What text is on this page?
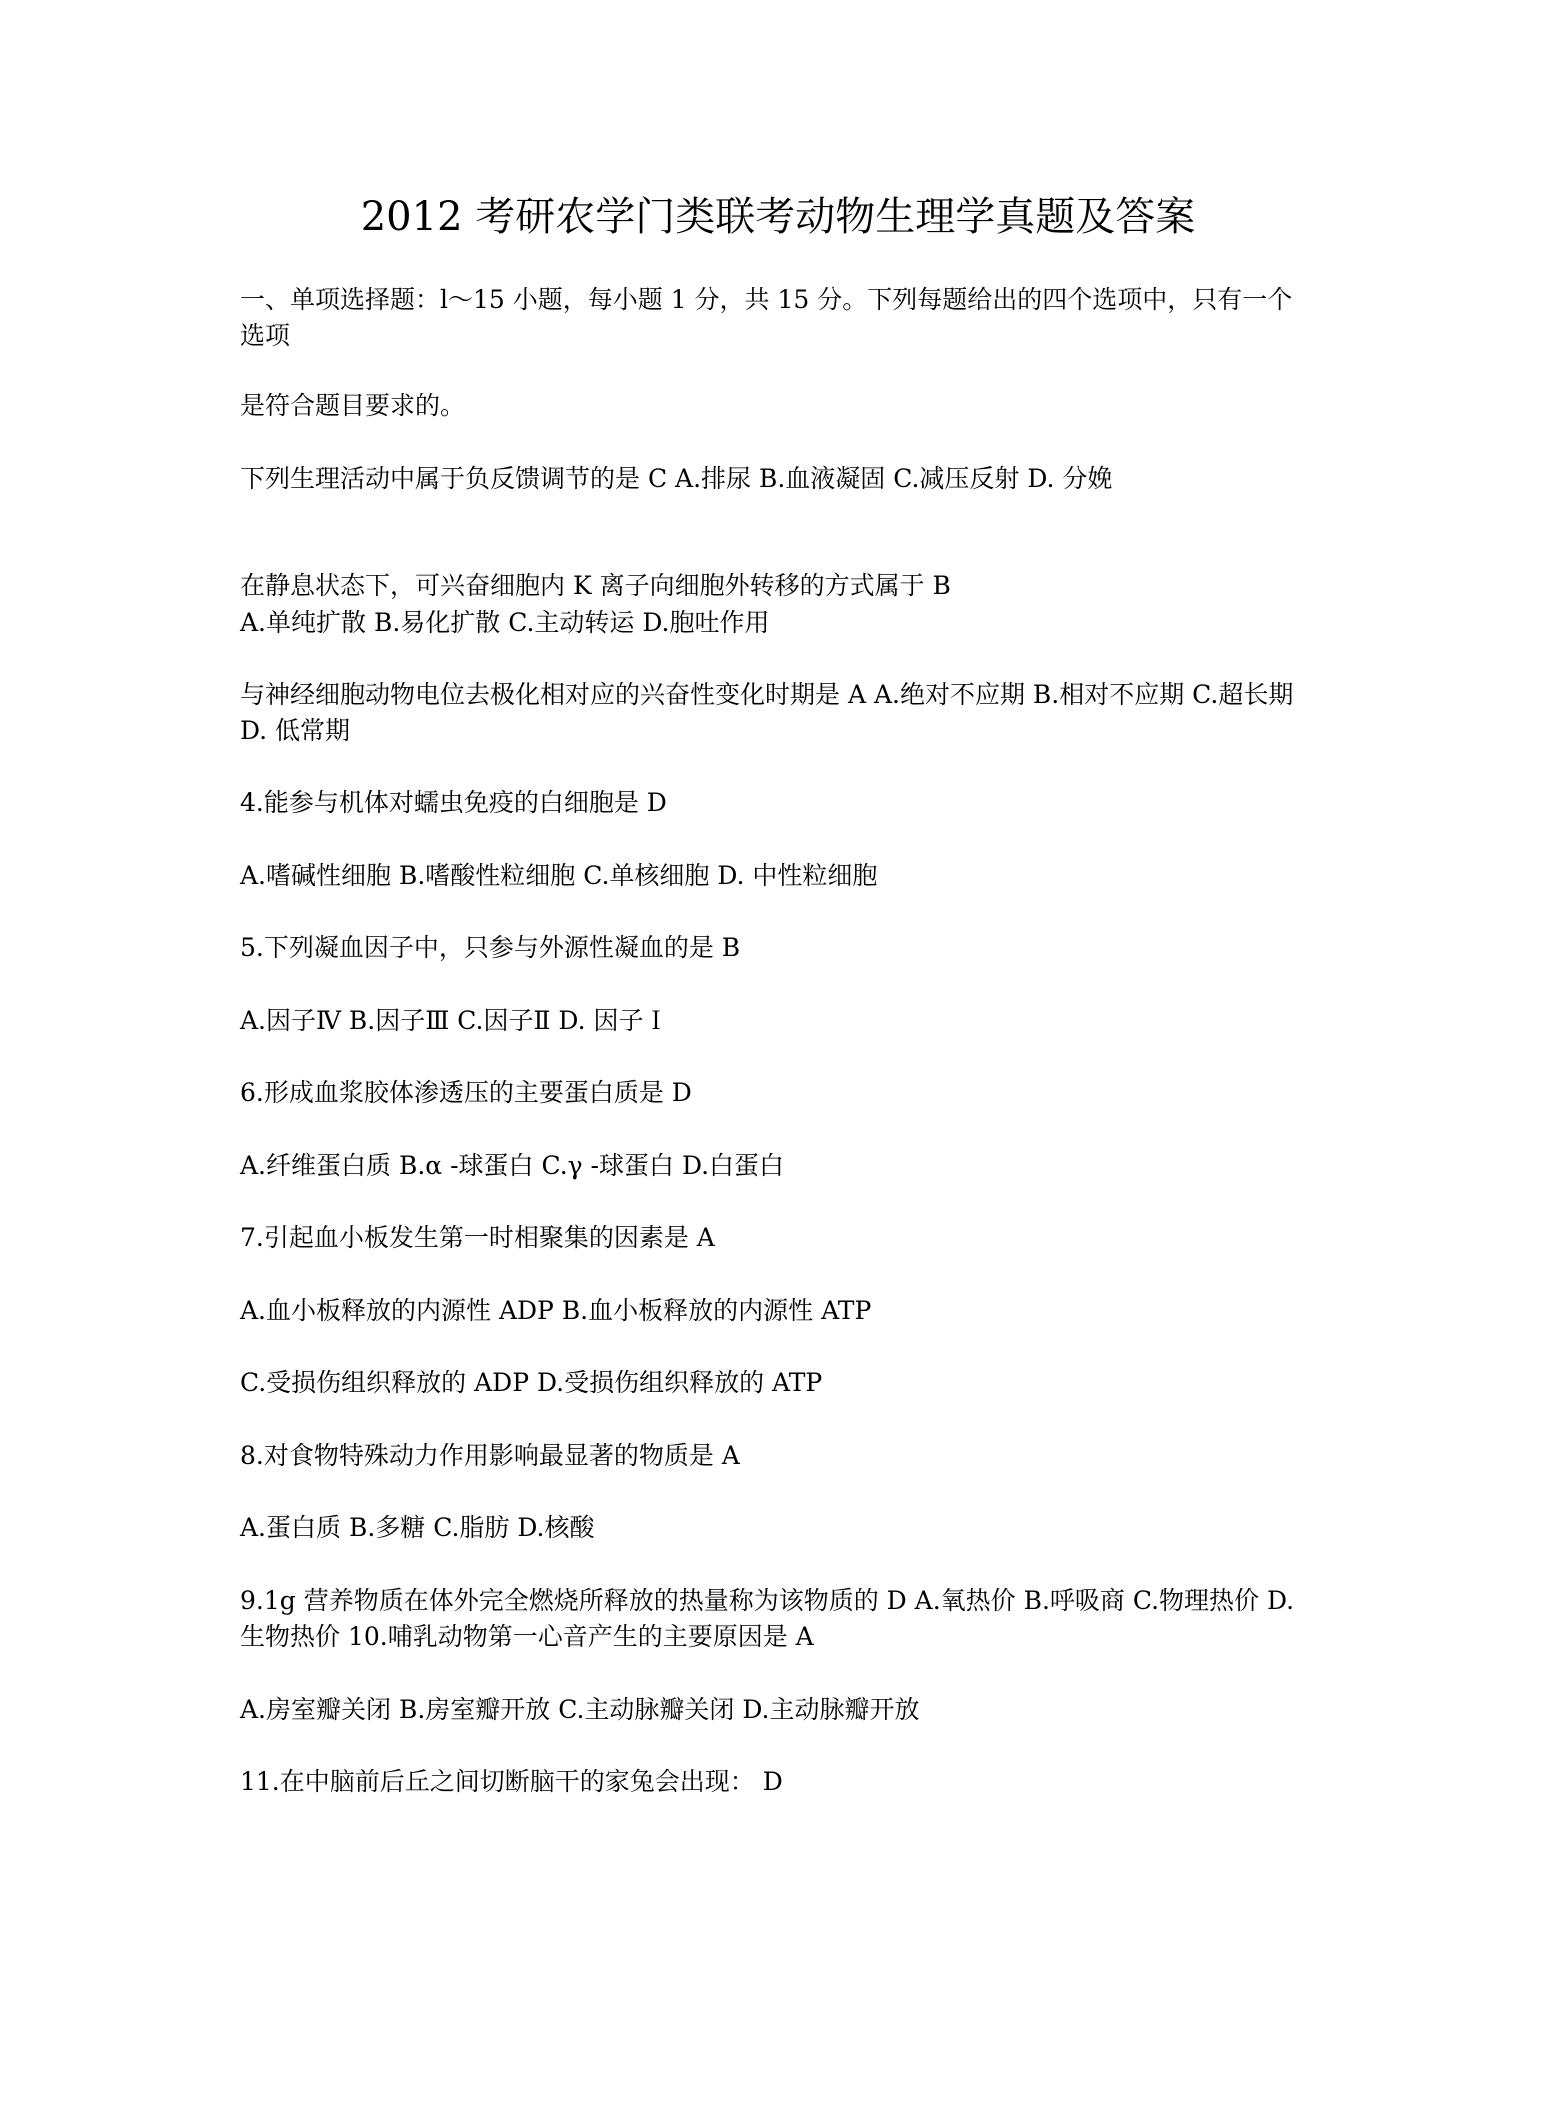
2012 考研农学门类联考动物生理学真题及答案

一、单项选择题：l～15 小题，每小题 1 分，共 15 分。下列每题给出的四个选项中，只有一个选项

是符合题目要求的。

下列生理活动中属于负反馈调节的是 C A.排尿 B.血液凝固 C.减压反射 D. 分娩

在静息状态下，可兴奋细胞内 K 离子向细胞外转移的方式属于 B

A.单纯扩散 B.易化扩散 C.主动转运 D.胞吐作用

与神经细胞动物电位去极化相对应的兴奋性变化时期是 A A.绝对不应期 B.相对不应期 C.超长期 D. 低常期

4.能参与机体对蠕虫免疫的白细胞是 D

A.嗜碱性细胞 B.嗜酸性粒细胞 C.单核细胞 D. 中性粒细胞

5.下列凝血因子中，只参与外源性凝血的是 B

A.因子Ⅳ B.因子Ⅲ C.因子Ⅱ D. 因子Ｉ

6.形成血浆胶体渗透压的主要蛋白质是 D

A.纤维蛋白质 B.α -球蛋白 C.γ -球蛋白 D.白蛋白

7.引起血小板发生第一时相聚集的因素是 A

A.血小板释放的内源性 ADP B.血小板释放的内源性 ATP

C.受损伤组织释放的 ADP D.受损伤组织释放的 ATP

8.对食物特殊动力作用影响最显著的物质是 A

A.蛋白质 B.多糖 C.脂肪 D.核酸

9.1g 营养物质在体外完全燃烧所释放的热量称为该物质的 D A.氧热价 B.呼吸商 C.物理热价 D.生物热价 10.哺乳动物第一心音产生的主要原因是 A

A.房室瓣关闭 B.房室瓣开放 C.主动脉瓣关闭 D.主动脉瓣开放

11.在中脑前后丘之间切断脑干的家兔会出现： D
